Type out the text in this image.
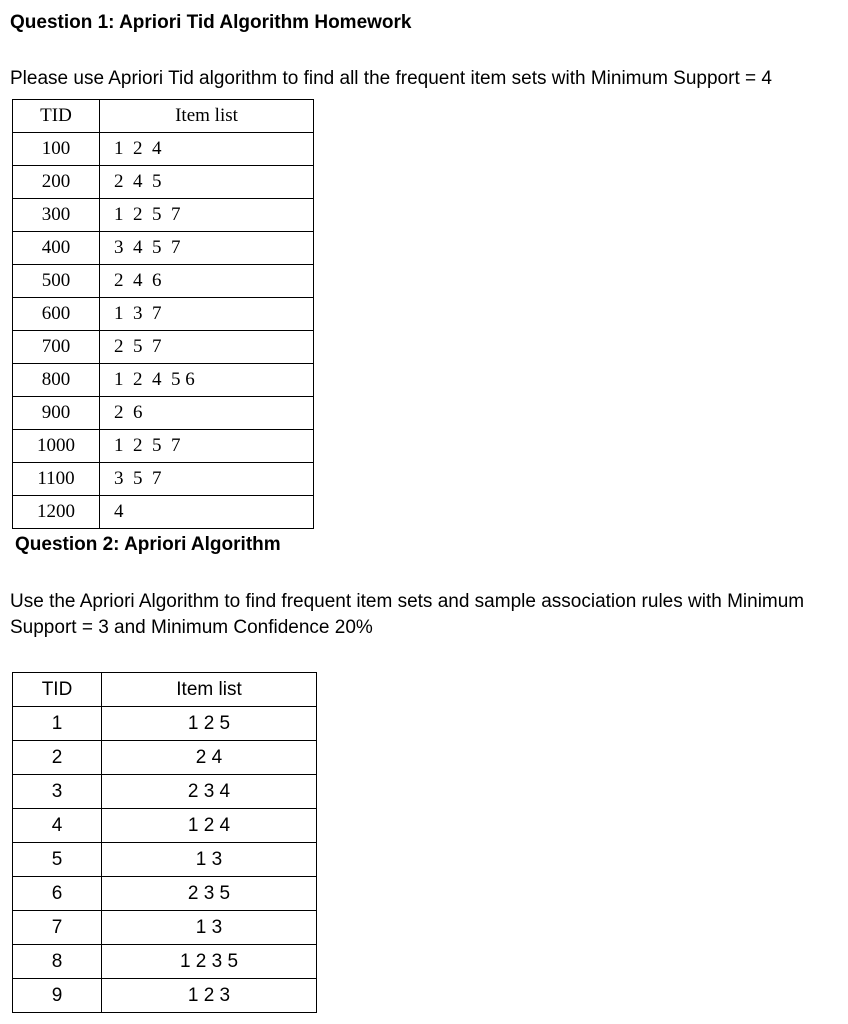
Question 1: Apriori Tid Algorithm Homework

Please use Apriori Tid algorithm to find all the frequent item sets with Minimum Support = 4

TID	Item list
100	1  2  4
200	2  4  5
300	1  2  5  7
400	3  4  5  7
500	2  4  6
600	1  3  7
700	2  5  7
800	1  2  4  5 6
900	2  6
1000	1  2  5  7
1100	3  5  7
1200	4
Question 2: Apriori Algorithm

Use the Apriori Algorithm to find frequent item sets and sample association rules with Minimum Support = 3 and Minimum Confidence 20%

TID	Item list
1	1 2 5
2	2 4
3	2 3 4
4	1 2 4
5	1 3
6	2 3 5
7	1 3
8	1 2 3 5
9	1 2 3
